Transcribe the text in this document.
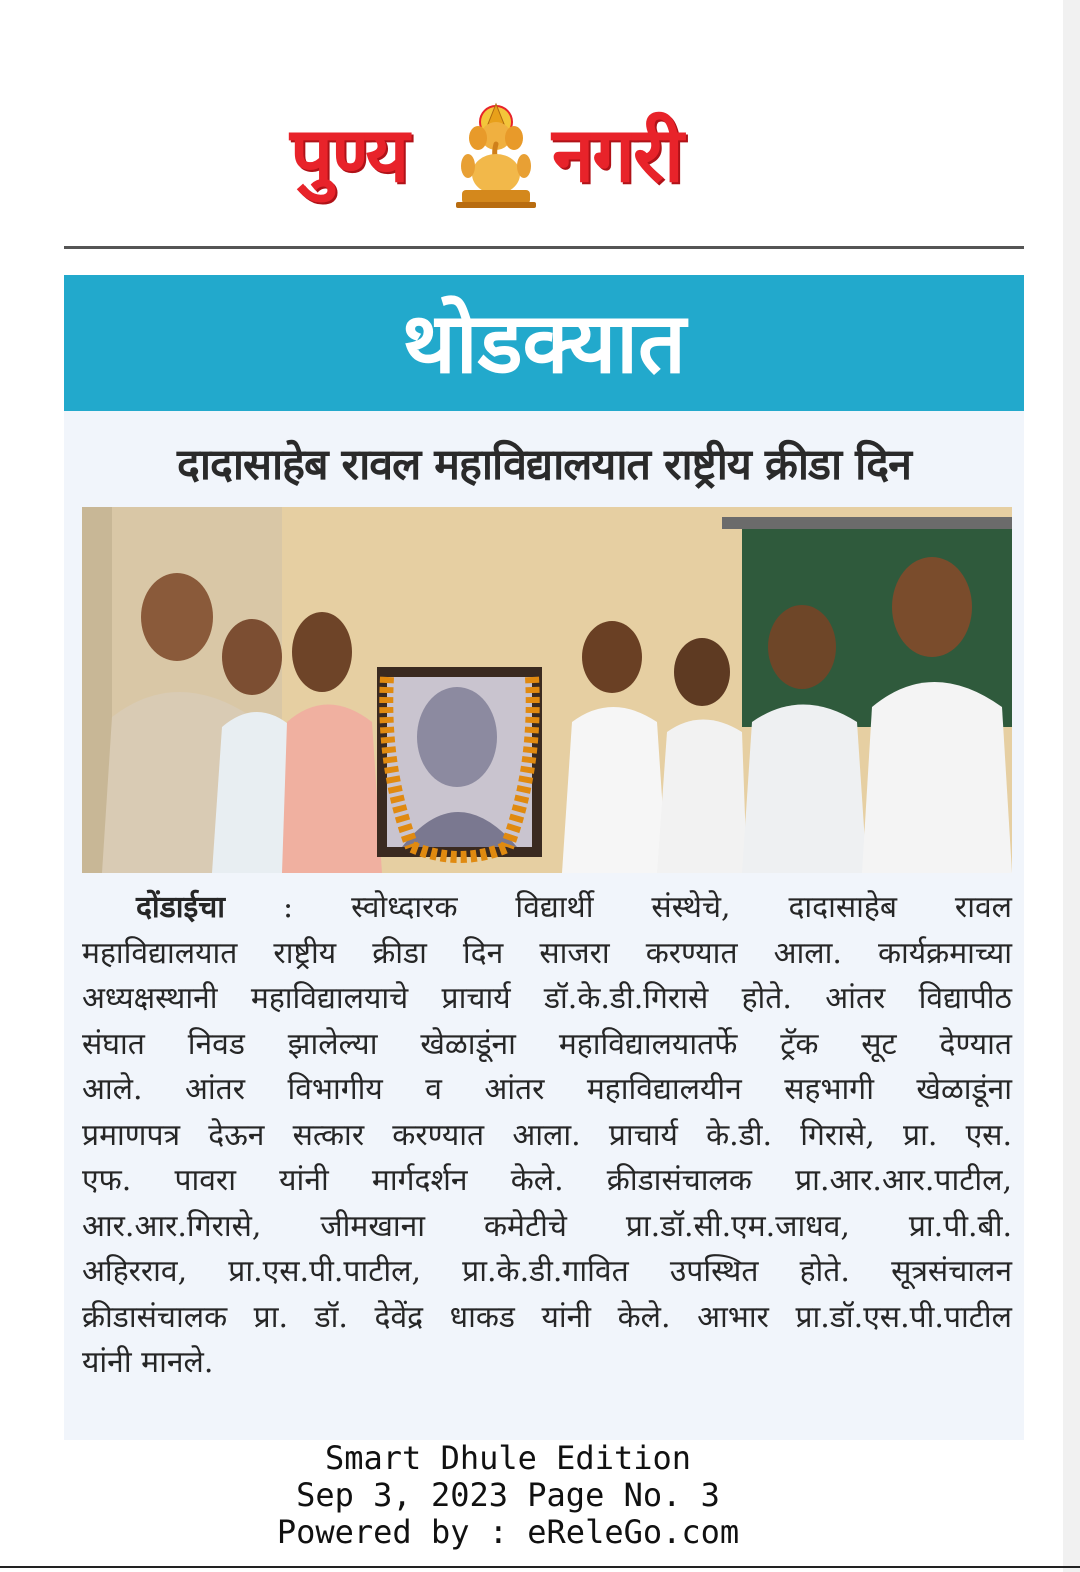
पुण्य नगरी
थोडक्यात
दादासाहेब रावल महाविद्यालयात राष्ट्रीय क्रीडा दिन
दोंडाईचा : स्वोध्दारक विद्यार्थी संस्थेचे, दादासाहेब रावल
महाविद्यालयात राष्ट्रीय क्रीडा दिन साजरा करण्यात आला. कार्यक्रमाच्या
अध्यक्षस्थानी महाविद्यालयाचे प्राचार्य डॉ.के.डी.गिरासे होते. आंतर विद्यापीठ
संघात निवड झालेल्या खेळाडूंना महाविद्यालयातर्फे ट्रॅक सूट देण्यात
आले. आंतर विभागीय व आंतर महाविद्यालयीन सहभागी खेळाडूंना
प्रमाणपत्र देऊन सत्कार करण्यात आला. प्राचार्य के.डी. गिरासे, प्रा. एस.
एफ. पावरा यांनी मार्गदर्शन केले. क्रीडासंचालक प्रा.आर.आर.पाटील,
आर.आर.गिरासे, जीमखाना कमेटीचे प्रा.डॉ.सी.एम.जाधव, प्रा.पी.बी.
अहिरराव, प्रा.एस.पी.पाटील, प्रा.के.डी.गावित उपस्थित होते. सूत्रसंचालन
क्रीडासंचालक प्रा. डॉ. देवेंद्र धाकड यांनी केले. आभार प्रा.डॉ.एस.पी.पाटील
यांनी मानले.
Smart Dhule Edition
Sep 3, 2023 Page No. 3
Powered by : eReleGo.com
